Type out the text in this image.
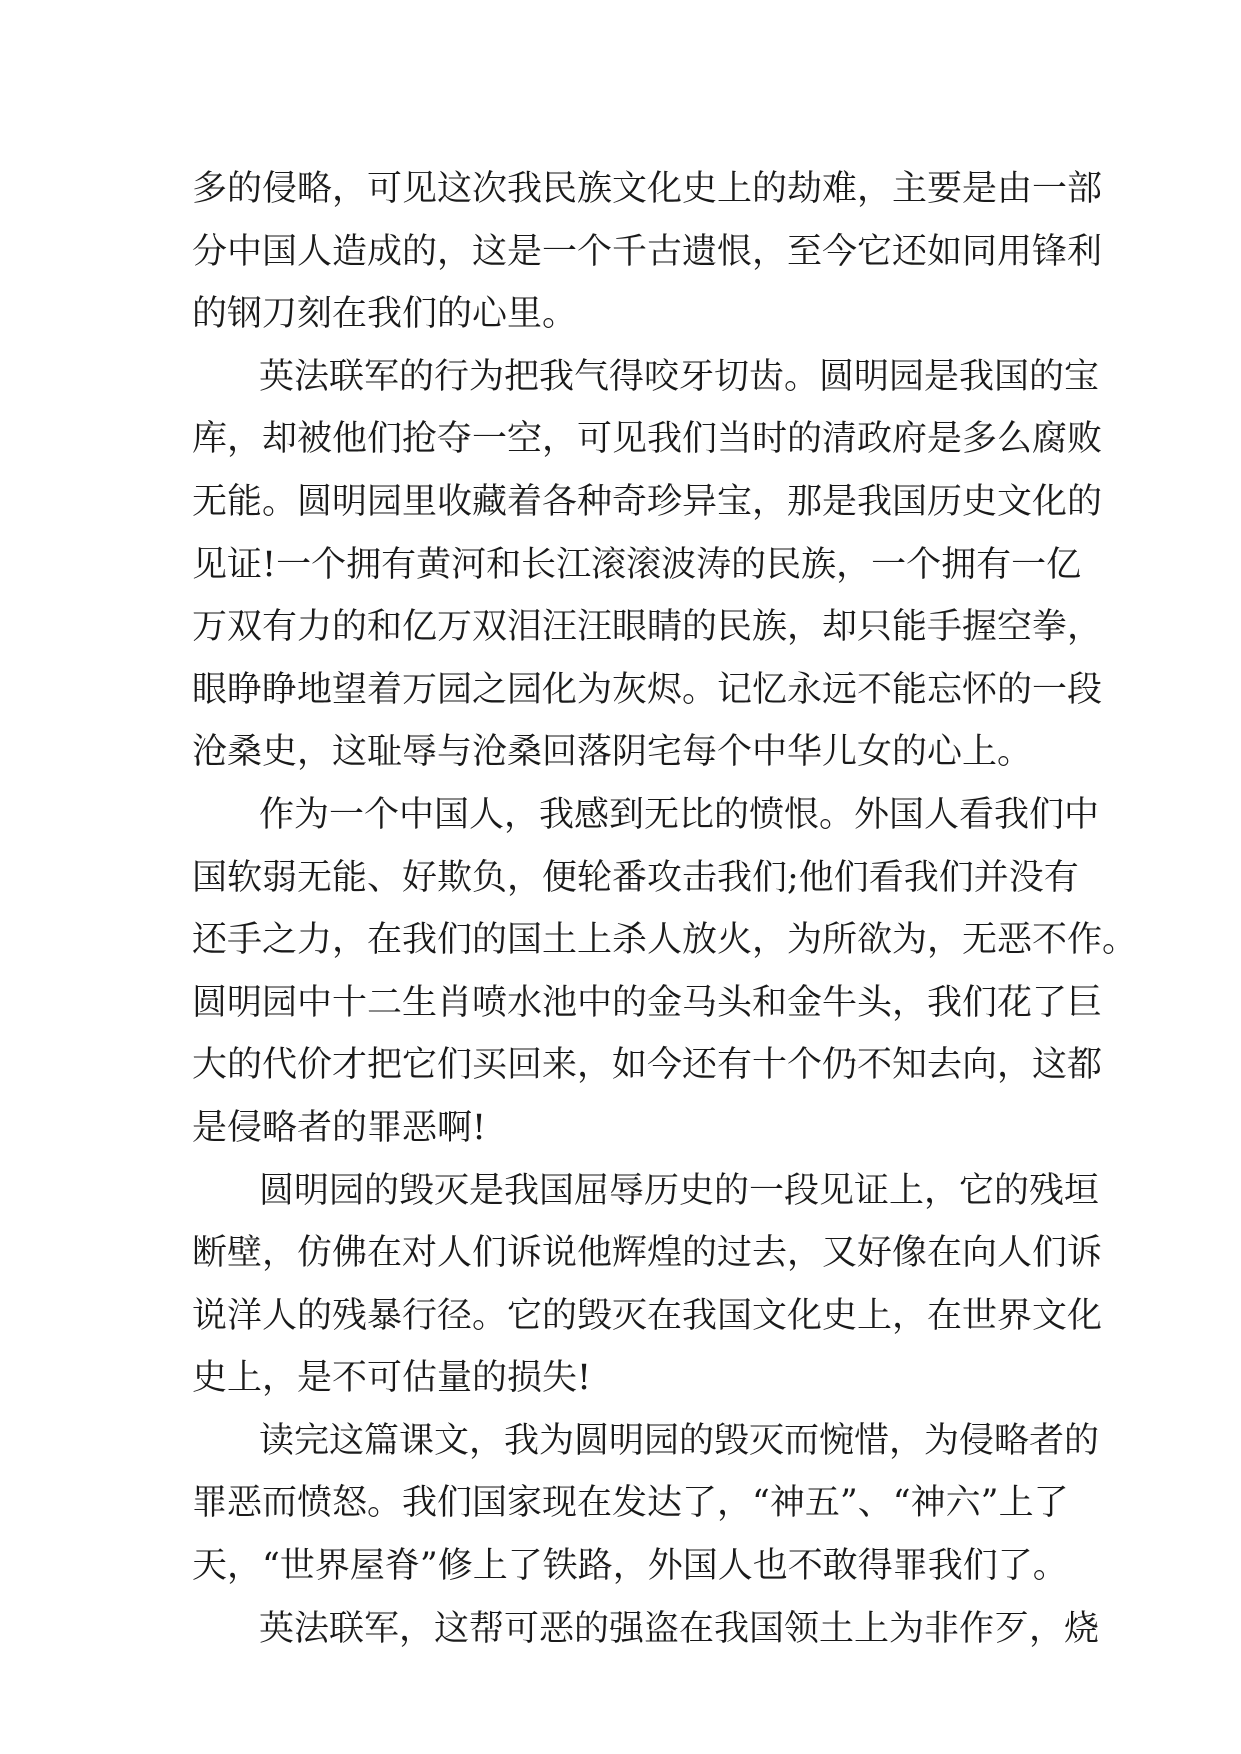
多的侵略，可见这次我民族文化史上的劫难，主要是由一部
分中国人造成的，这是一个千古遗恨，至今它还如同用锋利
的钢刀刻在我们的心里。
英法联军的行为把我气得咬牙切齿。圆明园是我国的宝
库，却被他们抢夺一空，可见我们当时的清政府是多么腐败
无能。圆明园里收藏着各种奇珍异宝，那是我国历史文化的
见证!一个拥有黄河和长江滚滚波涛的民族，一个拥有一亿
万双有力的和亿万双泪汪汪眼睛的民族，却只能手握空拳，
眼睁睁地望着万园之园化为灰烬。记忆永远不能忘怀的一段
沧桑史，这耻辱与沧桑回落阴宅每个中华儿女的心上。
作为一个中国人，我感到无比的愤恨。外国人看我们中
国软弱无能、好欺负，便轮番攻击我们;他们看我们并没有
还手之力，在我们的国土上杀人放火，为所欲为，无恶不作。
圆明园中十二生肖喷水池中的金马头和金牛头，我们花了巨
大的代价才把它们买回来，如今还有十个仍不知去向，这都
是侵略者的罪恶啊!
圆明园的毁灭是我国屈辱历史的一段见证上，它的残垣
断壁，仿佛在对人们诉说他辉煌的过去，又好像在向人们诉
说洋人的残暴行径。它的毁灭在我国文化史上，在世界文化
史上，是不可估量的损失!
读完这篇课文，我为圆明园的毁灭而惋惜，为侵略者的
罪恶而愤怒。我们国家现在发达了，“神五”、“神六”上了
天，“世界屋脊”修上了铁路，外国人也不敢得罪我们了。
英法联军，这帮可恶的强盗在我国领土上为非作歹，烧
